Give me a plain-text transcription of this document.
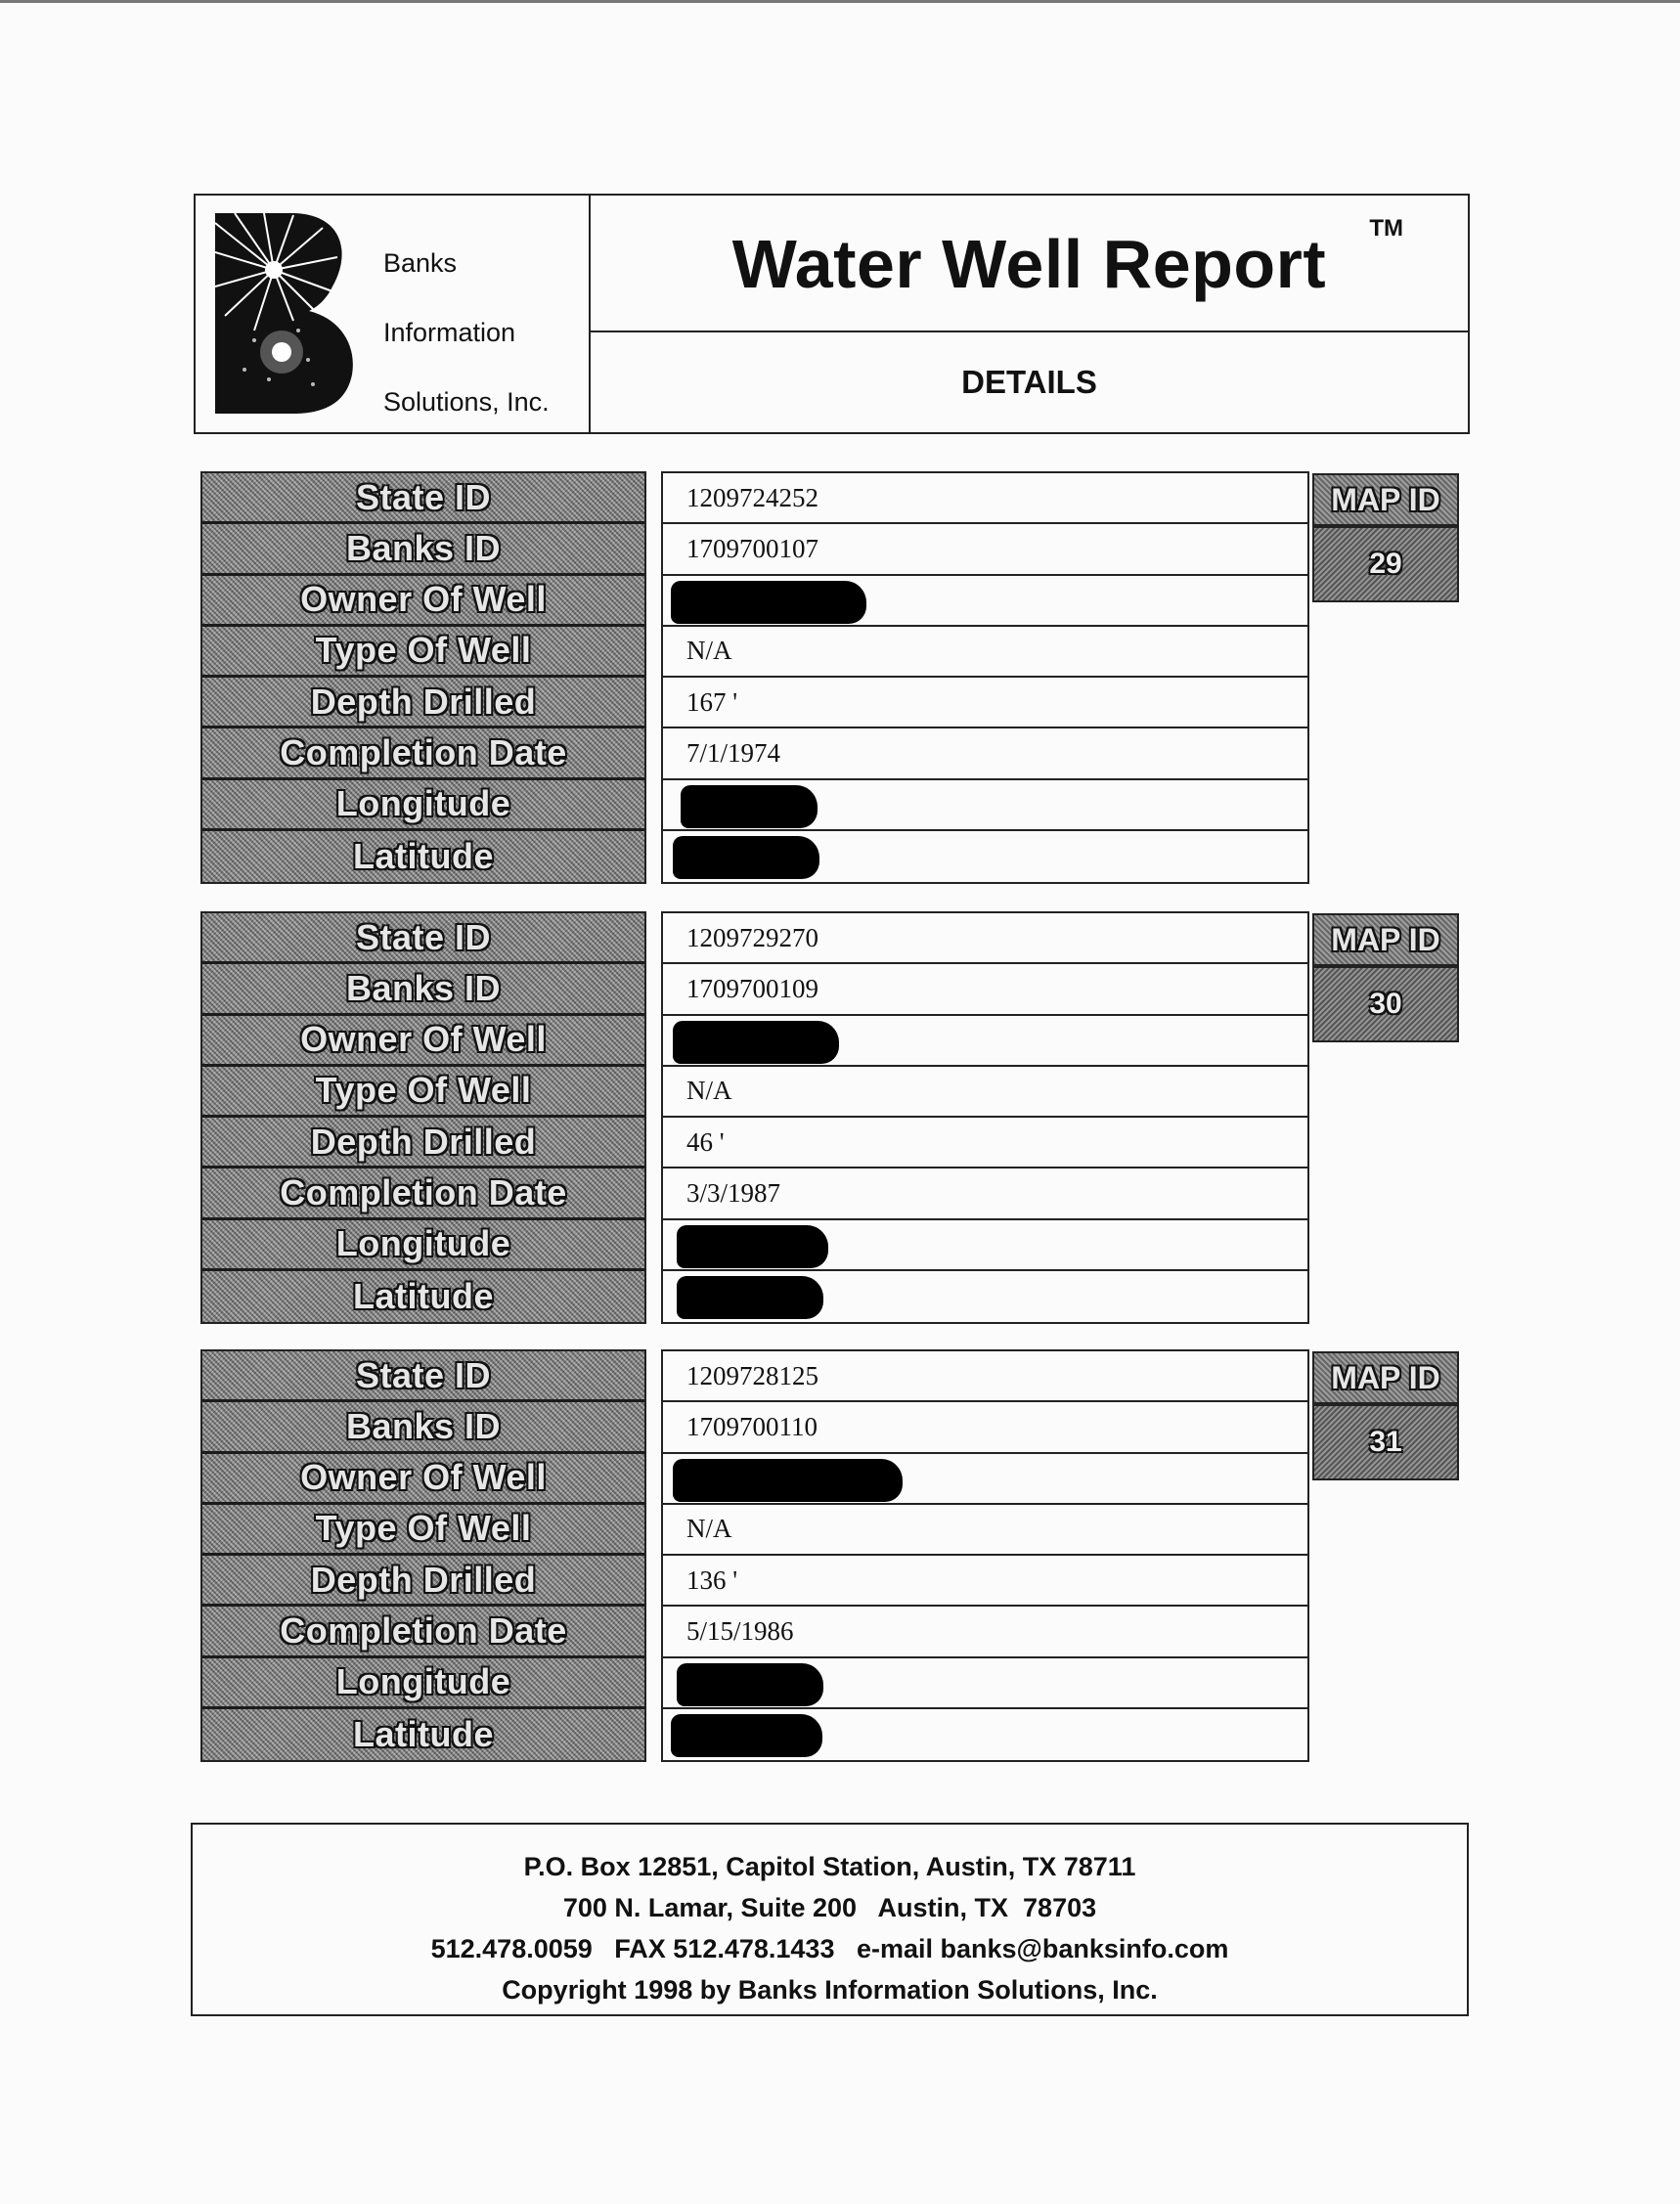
Banks
Information
Solutions, Inc.
Water Well Report	TM
DETAILS
State ID
Banks ID
Owner Of Well
Type Of Well
Depth Drilled
Completion Date
Longitude
Latitude
1209724252
1709700107
N/A
167 '
7/1/1974
MAP ID
29
State ID
Banks ID
Owner Of Well
Type Of Well
Depth Drilled
Completion Date
Longitude
Latitude
1209729270
1709700109
N/A
46 '
3/3/1987
MAP ID
30
State ID
Banks ID
Owner Of Well
Type Of Well
Depth Drilled
Completion Date
Longitude
Latitude
1209728125
1709700110
N/A
136 '
5/15/1986
MAP ID
31
P.O. Box 12851, Capitol Station, Austin, TX 78711
700 N. Lamar, Suite 200   Austin, TX  78703
512.478.0059   FAX 512.478.1433   e-mail banks@banksinfo.com
Copyright 1998 by Banks Information Solutions, Inc.
